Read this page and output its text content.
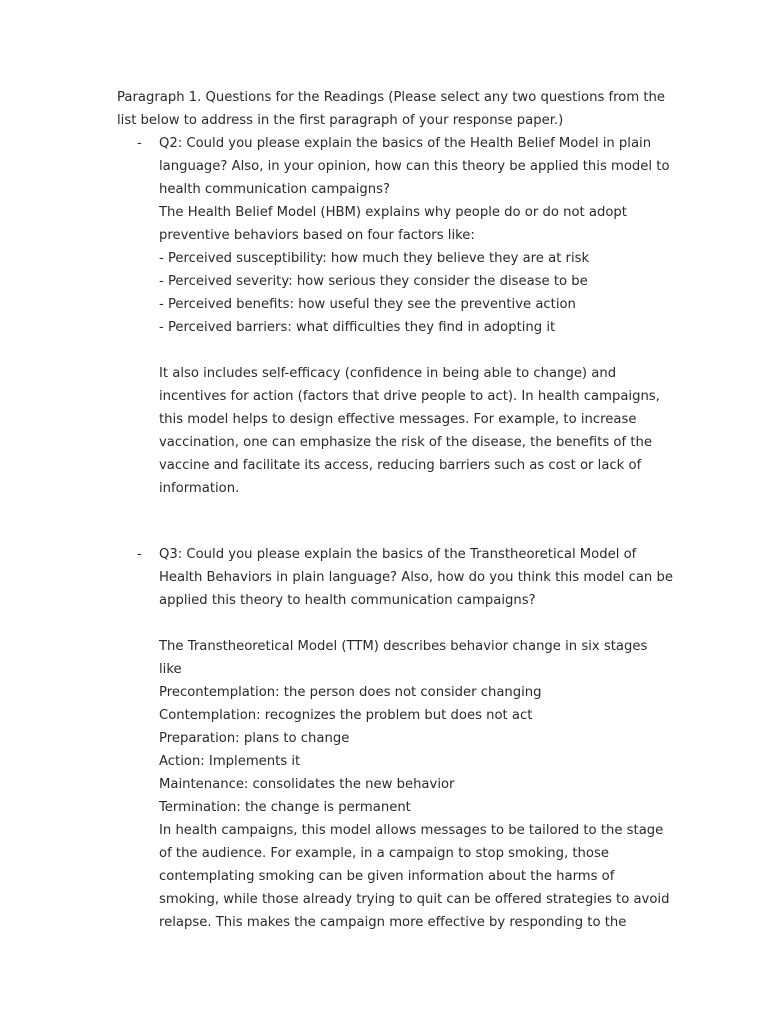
Paragraph 1. Questions for the Readings (Please select any two questions from the
list below to address in the first paragraph of your response paper.)
- Q2: Could you please explain the basics of the Health Belief Model in plain
language? Also, in your opinion, how can this theory be applied this model to
health communication campaigns?
The Health Belief Model (HBM) explains why people do or do not adopt
preventive behaviors based on four factors like:
- Perceived susceptibility: how much they believe they are at risk
- Perceived severity: how serious they consider the disease to be
- Perceived benefits: how useful they see the preventive action
- Perceived barriers: what difficulties they find in adopting it
It also includes self-efficacy (confidence in being able to change) and
incentives for action (factors that drive people to act). In health campaigns,
this model helps to design effective messages. For example, to increase
vaccination, one can emphasize the risk of the disease, the benefits of the
vaccine and facilitate its access, reducing barriers such as cost or lack of
information.
- Q3: Could you please explain the basics of the Transtheoretical Model of
Health Behaviors in plain language? Also, how do you think this model can be
applied this theory to health communication campaigns?
The Transtheoretical Model (TTM) describes behavior change in six stages
like
Precontemplation: the person does not consider changing
Contemplation: recognizes the problem but does not act
Preparation: plans to change
Action: Implements it
Maintenance: consolidates the new behavior
Termination: the change is permanent
In health campaigns, this model allows messages to be tailored to the stage
of the audience. For example, in a campaign to stop smoking, those
contemplating smoking can be given information about the harms of
smoking, while those already trying to quit can be offered strategies to avoid
relapse. This makes the campaign more effective by responding to the
